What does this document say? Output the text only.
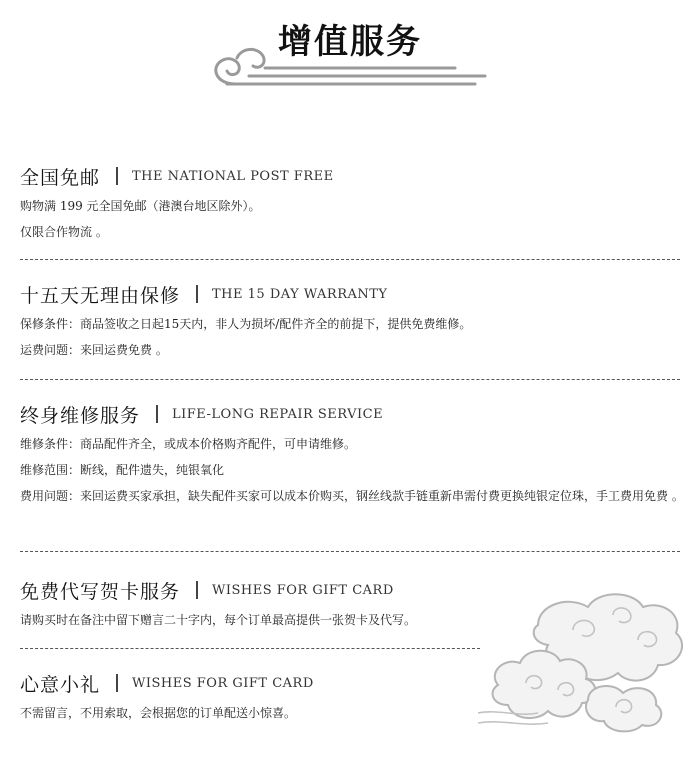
增值服务
全国免邮 THE NATIONAL POST FREE
购物满 199 元全国免邮（港澳台地区除外）。
仅限合作物流 。
十五天无理由保修 THE 15 DAY WARRANTY
保修条件：商品签收之日起15天内，非人为损坏/配件齐全的前提下，提供免费维修。
运费问题：来回运费免费 。
终身维修服务 LIFE-LONG REPAIR SERVICE
维修条件：商品配件齐全，或成本价格购齐配件，可申请维修。
维修范围：断线，配件遗失，纯银氧化
费用问题：来回运费买家承担，缺失配件买家可以成本价购买，钢丝线款手链重新串需付费更换纯银定位珠，手工费用免费 。
免费代写贺卡服务 WISHES FOR GIFT CARD
请购买时在备注中留下赠言二十字内，每个订单最高提供一张贺卡及代写。
心意小礼 WISHES FOR GIFT CARD
不需留言，不用索取，会根据您的订单配送小惊喜。
